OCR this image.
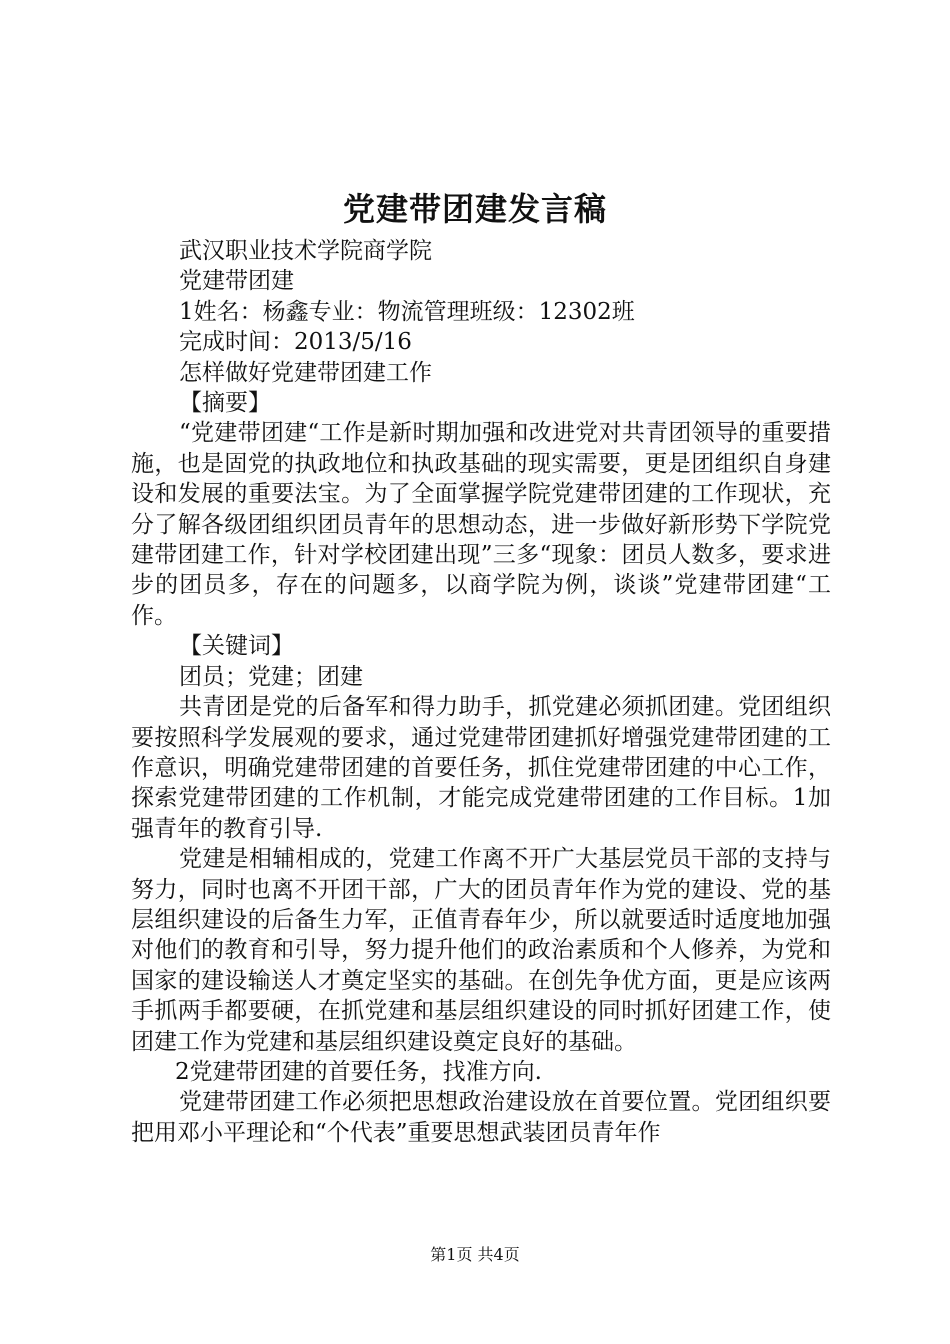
党建带团建发言稿

武汉职业技术学院商学院

党建带团建

1姓名：杨鑫专业：物流管理班级：12302班

完成时间：2013/5/16

怎样做好党建带团建工作

【摘要】

“党建带团建“工作是新时期加强和改进党对共青团领导的重要措施，也是固党的执政地位和执政基础的现实需要，更是团组织自身建设和发展的重要法宝。为了全面掌握学院党建带团建的工作现状，充分了解各级团组织团员青年的思想动态，进一步做好新形势下学院党建带团建工作，针对学校团建出现”三多“现象：团员人数多，要求进步的团员多，存在的问题多，以商学院为例，谈谈”党建带团建“工作。

【关键词】

团员；党建；团建

共青团是党的后备军和得力助手，抓党建必须抓团建。党团组织要按照科学发展观的要求，通过党建带团建抓好增强党建带团建的工作意识，明确党建带团建的首要任务，抓住党建带团建的中心工作，探索党建带团建的工作机制，才能完成党建带团建的工作目标。1加强青年的教育引导.

党建是相辅相成的，党建工作离不开广大基层党员干部的支持与努力，同时也离不开团干部，广大的团员青年作为党的建设、党的基层组织建设的后备生力军，正值青春年少，所以就要适时适度地加强对他们的教育和引导，努力提升他们的政治素质和个人修养，为党和国家的建设输送人才奠定坚实的基础。在创先争优方面，更是应该两手抓两手都要硬，在抓党建和基层组织建设的同时抓好团建工作，使团建工作为党建和基层组织建设奠定良好的基础。

2党建带团建的首要任务，找准方向.

党建带团建工作必须把思想政治建设放在首要位置。党团组织要把用邓小平理论和“个代表”重要思想武装团员青年作

第1页 共4页
